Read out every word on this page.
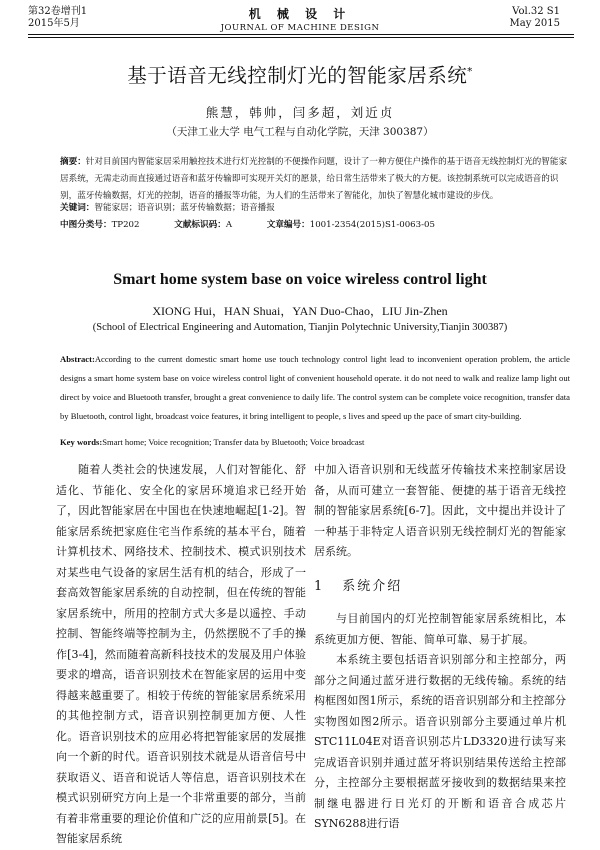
第32卷增刊1
2015年5月
机 械 设 计
JOURNAL OF MACHINE DESIGN
Vol.32 S1
May 2015
基于语音无线控制灯光的智能家居系统*
熊慧，韩帅，闫多超，刘近贞
（天津工业大学 电气工程与自动化学院，天津 300387）
摘要：针对目前国内智能家居采用触控技术进行灯光控制的不便操作问题，设计了一种方便住户操作的基于语音无线控制灯光的智能家居系统，无需走动而直接通过语音和蓝牙传输即可实现开关灯的愿景，给日常生活带来了极大的方便。该控制系统可以完成语音的识别，蓝牙传输数据，灯光的控制，语音的播报等功能，为人们的生活带来了智能化，加快了智慧化城市建设的步伐。
关键词：智能家居；语音识别；蓝牙传输数据；语音播报
中图分类号：TP202	文献标识码：A	文章编号：1001-2354(2015)S1-0063-05
Smart home system base on voice wireless control light
XIONG Hui，HAN Shuai，YAN Duo-Chao，LIU Jin-Zhen
(School of Electrical Engineering and Automation, Tianjin Polytechnic University,Tianjin 300387)
Abstract:According to the current domestic smart home use touch technology control light lead to inconvenient operation problem, the article designs a smart home system base on voice wireless control light of convenient household operate. it do not need to walk and realize lamp light out direct by voice and Bluetooth transfer, brought a great convenience to daily life. The control system can be complete voice recognition, transfer data by Bluetooth, control light, broadcast voice features, it bring intelligent to people, s lives and speed up the pace of smart city-building.
Key words:Smart home; Voice recognition; Transfer data by Bluetooth; Voice broadcast

随着人类社会的快速发展，人们对智能化、舒适化、节能化、安全化的家居环境追求已经开始了，因此智能家居在中国也在快速地崛起[1-2]。智能家居系统把家庭住宅当作系统的基本平台，随着计算机技术、网络技术、控制技术、模式识别技术对某些电气设备的家居生活有机的结合，形成了一套高效智能家居系统的自动控制，但在传统的智能家居系统中，所用的控制方式大多是以遥控、手动控制、智能终端等控制为主，仍然摆脱不了手的操作[3-4]，然而随着高新科技技术的发展及用户体验要求的增高，语音识别技术在智能家居的运用中变得越来越重要了。相较于传统的智能家居系统采用的其他控制方式，语音识别控制更加方便、人性化。语音识别技术的应用必将把智能家居的发展推向一个新的时代。语音识别技术就是从语音信号中获取语义、语音和说话人等信息，语音识别技术在模式识别研究方向上是一个非常重要的部分，当前有着非常重要的理论价值和广泛的应用前景[5]。在智能家居系统

中加入语音识别和无线蓝牙传输技术来控制家居设备，从而可建立一套智能、便捷的基于语音无线控制的智能家居系统[6-7]。因此，文中提出并设计了一种基于非特定人语音识别无线控制灯光的智能家居系统。

1 系统介绍

与目前国内的灯光控制智能家居系统相比，本系统更加方便、智能、简单可靠、易于扩展。

本系统主要包括语音识别部分和主控部分，两部分之间通过蓝牙进行数据的无线传输。系统的结构框图如图1所示，系统的语音识别部分和主控部分实物图如图2所示。语音识别部分主要通过单片机STC11L04E对语音识别芯片LD3320进行读写来完成语音识别并通过蓝牙将识别结果传送给主控部分，主控部分主要根据蓝牙接收到的数据结果来控制继电器进行日光灯的开断和语音合成芯片SYN6288进行语
